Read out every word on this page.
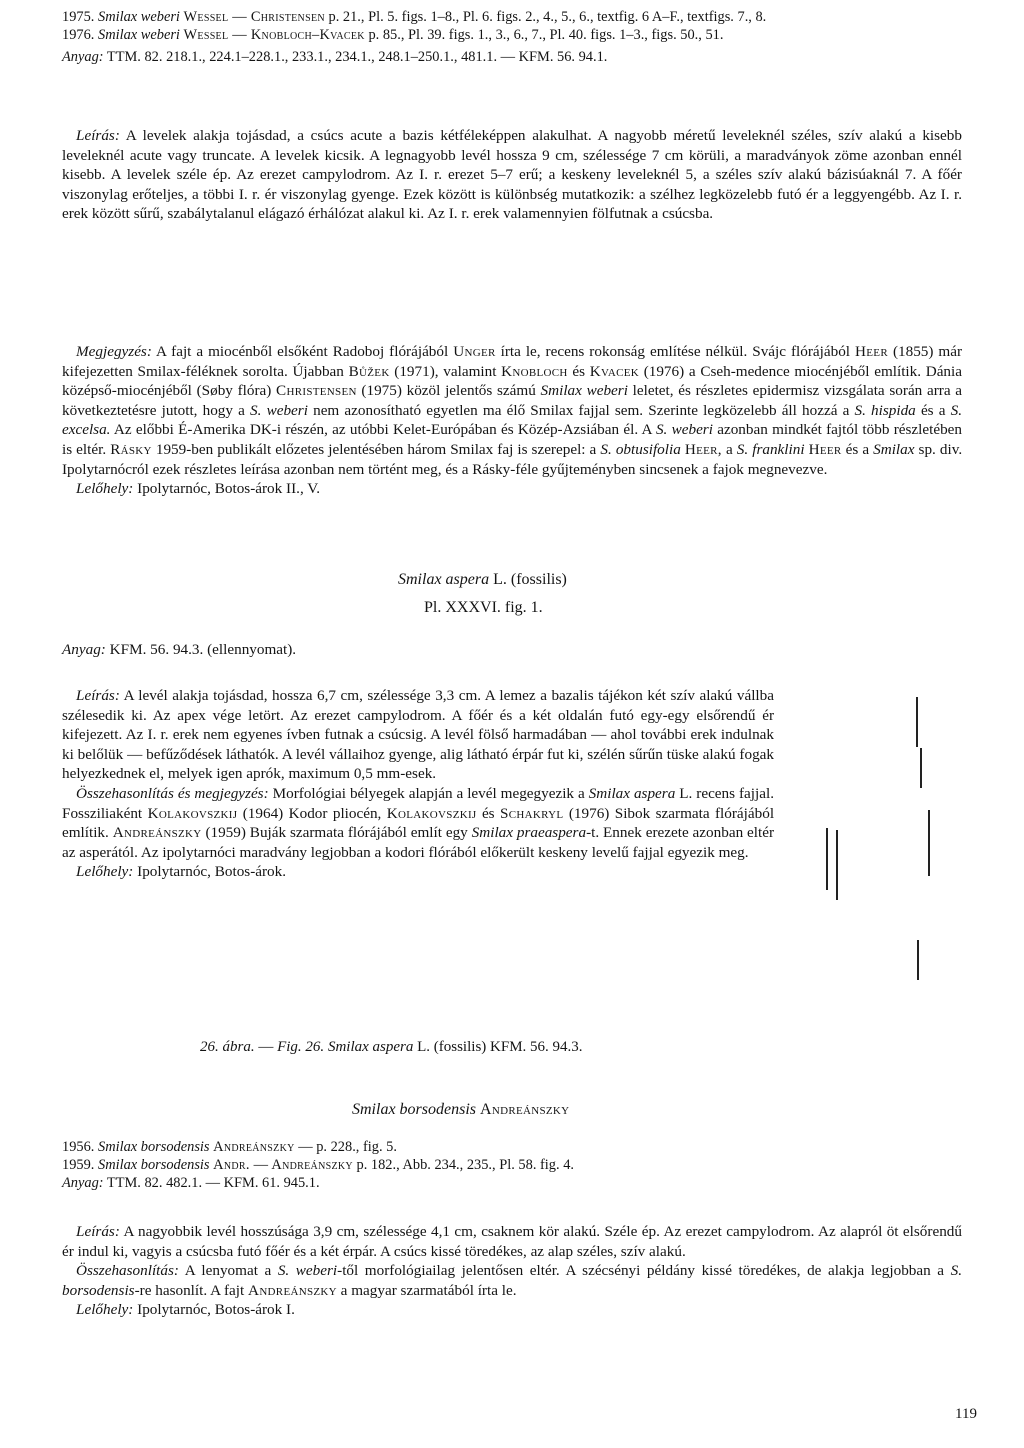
1975. Smilax weberi Wessel — Christensen p. 21., Pl. 5. figs. 1–8., Pl. 6. figs. 2., 4., 5., 6., textfig. 6 A–F., textfigs. 7., 8.

1976. Smilax weberi Wessel — Knobloch–Kvacek p. 85., Pl. 39. figs. 1., 3., 6., 7., Pl. 40. figs. 1–3., figs. 50., 51.

Anyag: TTM. 82. 218.1., 224.1–228.1., 233.1., 234.1., 248.1–250.1., 481.1. — KFM. 56. 94.1.

Leírás: A levelek alakja tojásdad, a csúcs acute a bazis kétféleképpen alakulhat. A nagyobb méretű leveleknél széles, szív alakú a kisebb leveleknél acute vagy truncate. A levelek kicsik. A legnagyobb levél hossza 9 cm, szélessége 7 cm körüli, a maradványok zöme azonban ennél kisebb. A levelek széle ép. Az erezet campylodrom. Az I. r. erezet 5–7 erű; a keskeny leveleknél 5, a széles szív alakú bázisúaknál 7. A főér viszonylag erőteljes, a többi I. r. ér viszonylag gyenge. Ezek között is különbség mutatkozik: a szélhez legközelebb futó ér a leggyengébb. Az I. r. erek között sűrű, szabálytalanul elágazó érhálózat alakul ki. Az I. r. erek valamennyien fölfutnak a csúcsba.

Megjegyzés: A fajt a miocénből elsőként Radoboj flórájából Unger írta le, recens rokonság említése nélkül. Svájc flórájából Heer (1855) már kifejezetten Smilax-féléknek sorolta. Újabban Bůžek (1971), valamint Knobloch és Kvacek (1976) a Cseh-medence miocénjéből említik. Dánia középső-miocénjéből (Søby flóra) Christensen (1975) közöl jelentős számú Smilax weberi leletet, és részletes epidermisz vizsgálata során arra a következtetésre jutott, hogy a S. weberi nem azonosítható egyetlen ma élő Smilax fajjal sem. Szerinte legközelebb áll hozzá a S. hispida és a S. excelsa. Az előbbi É-Amerika DK-i részén, az utóbbi Kelet-Európában és Közép-Azsiában él. A S. weberi azonban mindkét fajtól több részletében is eltér. Rásky 1959-ben publikált előzetes jelentésében három Smilax faj is szerepel: a S. obtusifolia Heer, a S. franklini Heer és a Smilax sp. div. Ipolytarnócról ezek részletes leírása azonban nem történt meg, és a Rásky-féle gyűjteményben sincsenek a fajok megnevezve.

Lelőhely: Ipolytarnóc, Botos-árok II., V.

Smilax aspera L. (fossilis)
Pl. XXXVI. fig. 1.
Anyag: KFM. 56. 94.3. (ellennyomat).

Leírás: A levél alakja tojásdad, hossza 6,7 cm, szélessége 3,3 cm. A lemez a bazalis tájékon két szív alakú vállba szélesedik ki. Az apex vége letört. Az erezet campylodrom. A főér és a két oldalán futó egy-egy elsőrendű ér kifejezett. Az I. r. erek nem egyenes ívben futnak a csúcsig. A levél fölső harmadában — ahol további erek indulnak ki belőlük — befűződések láthatók. A levél vállaihoz gyenge, alig látható érpár fut ki, szélén sűrűn tüske alakú fogak helyezkednek el, melyek igen aprók, maximum 0,5 mm-esek.

Összehasonlítás és megjegyzés: Morfológiai bélyegek alapján a levél megegyezik a Smilax aspera L. recens fajjal. Fossziliaként Kolakovszkij (1964) Kodor pliocén, Kolakovszkij és Schakryl (1976) Sibok szarmata flórájából említik. Andreánszky (1959) Buják szarmata flórájából említ egy Smilax praeaspera-t. Ennek erezete azonban eltér az asperától. Az ipolytarnóci maradvány legjobban a kodori flórából előkerült keskeny levelű fajjal egyezik meg.

Lelőhely: Ipolytarnóc, Botos-árok.

26. ábra. — Fig. 26. Smilax aspera L. (fossilis) KFM. 56. 94.3.
Smilax borsodensis Andreánszky

1956. Smilax borsodensis Andreánszky — p. 228., fig. 5.

1959. Smilax borsodensis Andr. — Andreánszky p. 182., Abb. 234., 235., Pl. 58. fig. 4.

Anyag: TTM. 82. 482.1. — KFM. 61. 945.1.

Leírás: A nagyobbik levél hosszúsága 3,9 cm, szélessége 4,1 cm, csaknem kör alakú. Széle ép. Az erezet campylodrom. Az alapról öt elsőrendű ér indul ki, vagyis a csúcsba futó főér és a két érpár. A csúcs kissé töredékes, az alap széles, szív alakú.

Összehasonlítás: A lenyomat a S. weberi-től morfológiailag jelentősen eltér. A szécsényi példány kissé töredékes, de alakja legjobban a S. borsodensis-re hasonlít. A fajt Andreánszky a magyar szarmatából írta le.

Lelőhely: Ipolytarnóc, Botos-árok I.

119
